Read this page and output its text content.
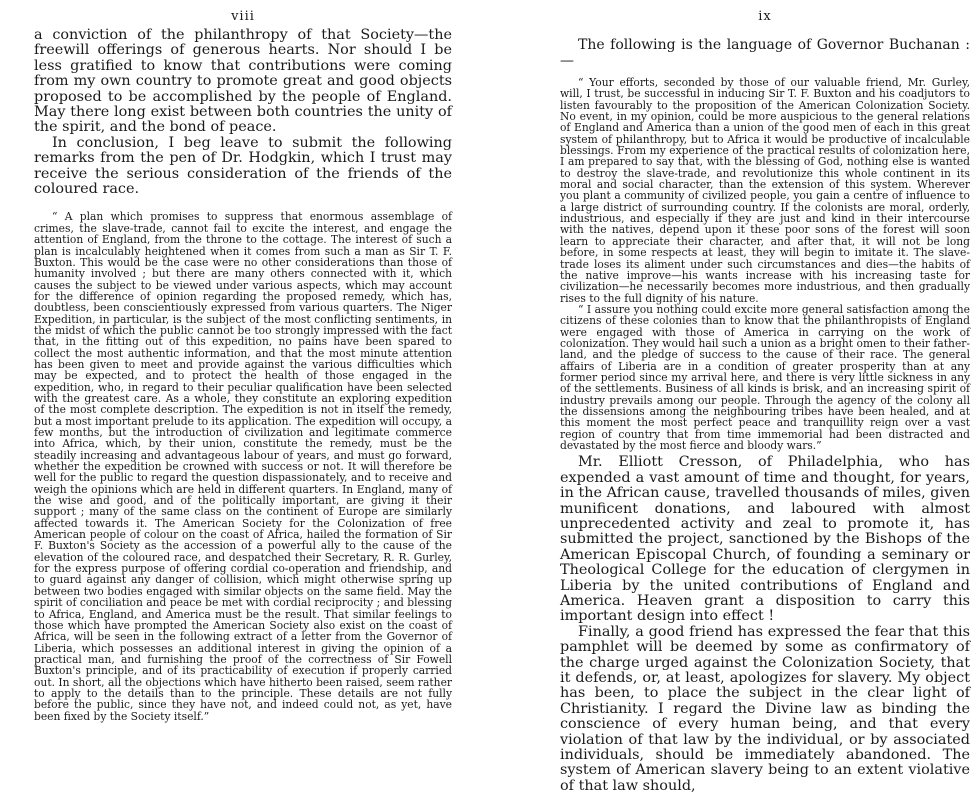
viii

a conviction of the philanthropy of that Society—the freewill offerings of generous hearts. Nor should I be less gratified to know that contributions were coming from my own country to promote great and good objects proposed to be accomplished by the people of England. May there long exist between both countries the unity of the spirit, and the bond of peace.

In conclusion, I beg leave to submit the following remarks from the pen of Dr. Hodgkin, which I trust may receive the serious consideration of the friends of the coloured race.

“ A plan which promises to suppress that enormous assemblage of crimes, the slave-trade, cannot fail to excite the interest, and engage the attention of England, from the throne to the cottage. The interest of such a plan is incalculably heightened when it comes from such a man as Sir T. F. Buxton. This would be the case were no other considerations than those of humanity involved ; but there are many others connected with it, which causes the subject to be viewed under various aspects, which may account for the difference of opinion regarding the proposed remedy, which has, doubtless, been conscientiously expressed from various quarters. The Niger Expedition, in particular, is the subject of the most conflicting sentiments, in the midst of which the public cannot be too strongly impressed with the fact that, in the fitting out of this expedition, no pains have been spared to collect the most authentic information, and that the most minute attention has been given to meet and provide against the various difficulties which may be expected, and to protect the health of those engaged in the expedition, who, in regard to their peculiar qualification have been selected with the greatest care. As a whole, they constitute an exploring expedition of the most complete description. The expedition is not in itself the remedy, but a most important prelude to its application. The expedition will occupy, a few months, but the introduction of civilization and legitimate commerce into Africa, which, by their union, constitute the remedy, must be the steadily increasing and advantageous labour of years, and must go forward, whether the expedition be crowned with success or not. It will therefore be well for the public to regard the question dispassionately, and to receive and weigh the opinions which are held in different quarters. In England, many of the wise and good, and of the politically important, are giving it their support ; many of the same class on the continent of Europe are similarly affected towards it. The American Society for the Colonization of free American people of colour on the coast of Africa, hailed the formation of Sir F. Buxton's Society as the accession of a powerful ally to the cause of the elevation of the coloured race, and despatched their Secretary, R. R. Gurley, for the express purpose of offering cordial co-operation and friendship, and to guard against any danger of collision, which might otherwise spring up between two bodies engaged with similar objects on the same field. May the spirit of conciliation and peace be met with cordial reciprocity ; and blessing to Africa, England, and America must be the result. That similar feelings to those which have prompted the American Society also exist on the coast of Africa, will be seen in the following extract of a letter from the Governor of Liberia, which possesses an additional interest in giving the opinion of a practical man, and furnishing the proof of the correctness of Sir Fowell Buxton's principle, and of its practicability of execution if properly carried out. In short, all the objections which have hitherto been raised, seem rather to apply to the details than to the principle. These details are not fully before the public, since they have not, and indeed could not, as yet, have been fixed by the Society itself.”

ix

The following is the language of Governor Buchanan :—

“ Your efforts, seconded by those of our valuable friend, Mr. Gurley, will, I trust, be successful in inducing Sir T. F. Buxton and his coadjutors to listen favourably to the proposition of the American Colonization Society. No event, in my opinion, could be more auspicious to the general relations of England and America than a union of the good men of each in this great system of philanthropy, but to Africa it would be productive of incalculable blessings. From my experience of the practical results of colonization here, I am prepared to say that, with the blessing of God, nothing else is wanted to destroy the slave-trade, and revolutionize this whole continent in its moral and social character, than the extension of this system. Wherever you plant a community of civilized people, you gain a centre of influence to a large district of surrounding country. If the colonists are moral, orderly, industrious, and especially if they are just and kind in their intercourse with the natives, depend upon it these poor sons of the forest will soon learn to appreciate their character, and after that, it will not be long before, in some respects at least, they will begin to imitate it. The slave-trade loses its aliment under such circumstances and dies—the habits of the native improve—his wants increase with his increasing taste for civilization—he necessarily becomes more industrious, and then gradually rises to the full dignity of his nature.

“ I assure you nothing could excite more general satisfaction among the citizens of these colonies than to know that the philanthropists of England were engaged with those of America in carrying on the work of colonization. They would hail such a union as a bright omen to their father-land, and the pledge of success to the cause of their race. The general affairs of Liberia are in a condition of greater prosperity than at any former period since my arrival here, and there is very little sickness in any of the settlements. Business of all kinds is brisk, and an increasing spirit of industry prevails among our people. Through the agency of the colony all the dissensions among the neighbouring tribes have been healed, and at this moment the most perfect peace and tranquillity reign over a vast region of country that from time immemorial had been distracted and devastated by the most fierce and bloody wars.”

Mr. Elliott Cresson, of Philadelphia, who has expended a vast amount of time and thought, for years, in the African cause, travelled thousands of miles, given munificent donations, and laboured with almost unprecedented activity and zeal to promote it, has submitted the project, sanctioned by the Bishops of the American Episcopal Church, of founding a seminary or Theological College for the education of clergymen in Liberia by the united contributions of England and America. Heaven grant a disposition to carry this important design into effect !

Finally, a good friend has expressed the fear that this pamphlet will be deemed by some as confirmatory of the charge urged against the Colonization Society, that it defends, or, at least, apologizes for slavery. My object has been, to place the subject in the clear light of Christianity. I regard the Divine law as binding the conscience of every human being, and that every violation of that law by the individual, or by associated individuals, should be immediately abandoned. The system of American slavery being to an extent violative of that law should,
